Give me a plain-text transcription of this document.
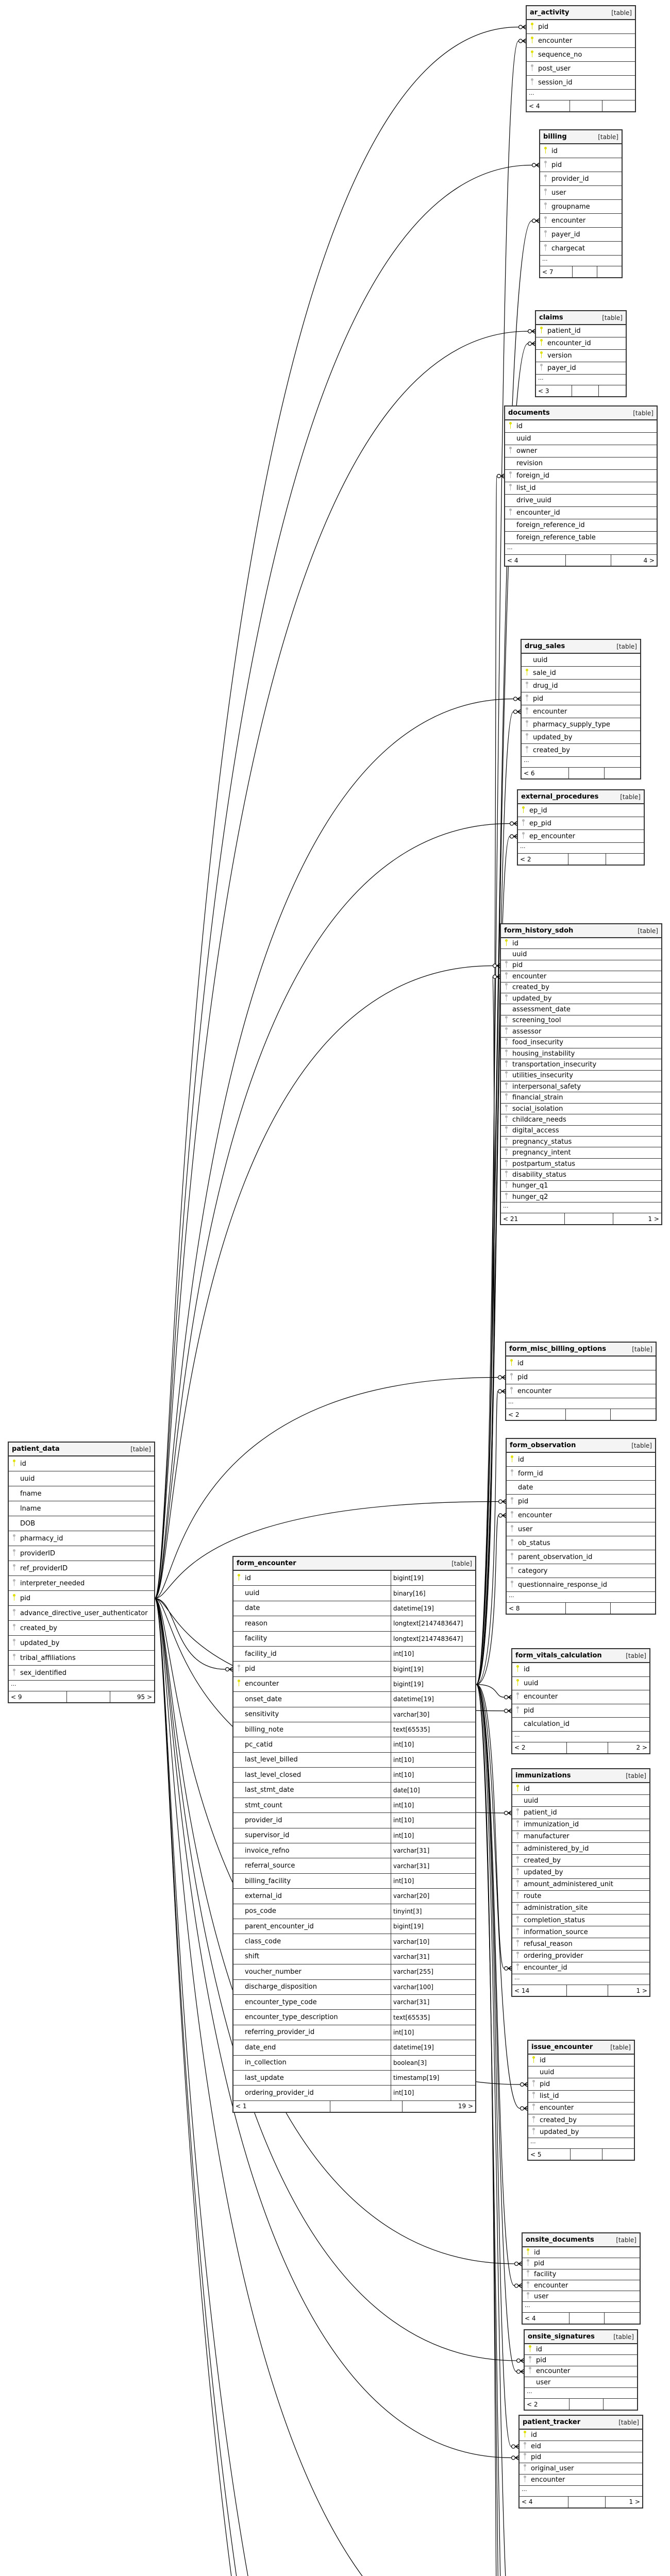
ar_activity	[table]
pid
encounter
sequence_no
post_user
session_id
...
< 4
billing	[table]
id
pid
provider_id
user
groupname
encounter
payer_id
chargecat
...
< 7
claims	[table]
patient_id
encounter_id
version
payer_id
...
< 3
documents	[table]
id
uuid
owner
revision
foreign_id
list_id
drive_uuid
encounter_id
foreign_reference_id
foreign_reference_table
...
< 4	4 >
drug_sales	[table]
uuid
sale_id
drug_id
pid
encounter
pharmacy_supply_type
updated_by
created_by
...
< 6
external_procedures	[table]
ep_id
ep_pid
ep_encounter
...
< 2
form_history_sdoh	[table]
id
uuid
pid
encounter
created_by
updated_by
assessment_date
screening_tool
assessor
food_insecurity
housing_instability
transportation_insecurity
utilities_insecurity
interpersonal_safety
financial_strain
social_isolation
childcare_needs
digital_access
pregnancy_status
pregnancy_intent
postpartum_status
disability_status
hunger_q1
hunger_q2
...
< 21	1 >
form_misc_billing_options	[table]
id
pid
encounter
...
< 2
form_observation	[table]
id
form_id
date
pid
encounter
user
ob_status
parent_observation_id
category
questionnaire_response_id
...
< 8
form_vitals_calculation	[table]
id
uuid
encounter
pid
calculation_id
...
< 2	2 >
immunizations	[table]
id
uuid
patient_id
immunization_id
manufacturer
administered_by_id
created_by
updated_by
amount_administered_unit
route
administration_site
completion_status
information_source
refusal_reason
ordering_provider
encounter_id
...
< 14	1 >
issue_encounter	[table]
id
uuid
pid
list_id
encounter
created_by
updated_by
...
< 5
onsite_documents	[table]
id
pid
facility
encounter
user
...
< 4
onsite_signatures	[table]
id
pid
encounter
user
...
< 2
patient_tracker	[table]
id
eid
pid
original_user
encounter
...
< 4	1 >
patient_data	[table]
id
uuid
fname
lname
DOB
pharmacy_id
providerID
ref_providerID
interpreter_needed
pid
advance_directive_user_authenticator
created_by
updated_by
tribal_affiliations
sex_identified
...
< 9	95 >
form_encounter	[table]
id	bigint[19]
uuid	binary[16]
date	datetime[19]
reason	longtext[2147483647]
facility	longtext[2147483647]
facility_id	int[10]
pid	bigint[19]
encounter	bigint[19]
onset_date	datetime[19]
sensitivity	varchar[30]
billing_note	text[65535]
pc_catid	int[10]
last_level_billed	int[10]
last_level_closed	int[10]
last_stmt_date	date[10]
stmt_count	int[10]
provider_id	int[10]
supervisor_id	int[10]
invoice_refno	varchar[31]
referral_source	varchar[31]
billing_facility	int[10]
external_id	varchar[20]
pos_code	tinyint[3]
parent_encounter_id	bigint[19]
class_code	varchar[10]
shift	varchar[31]
voucher_number	varchar[255]
discharge_disposition	varchar[100]
encounter_type_code	varchar[31]
encounter_type_description	text[65535]
referring_provider_id	int[10]
date_end	datetime[19]
in_collection	boolean[3]
last_update	timestamp[19]
ordering_provider_id	int[10]
< 1	19 >
